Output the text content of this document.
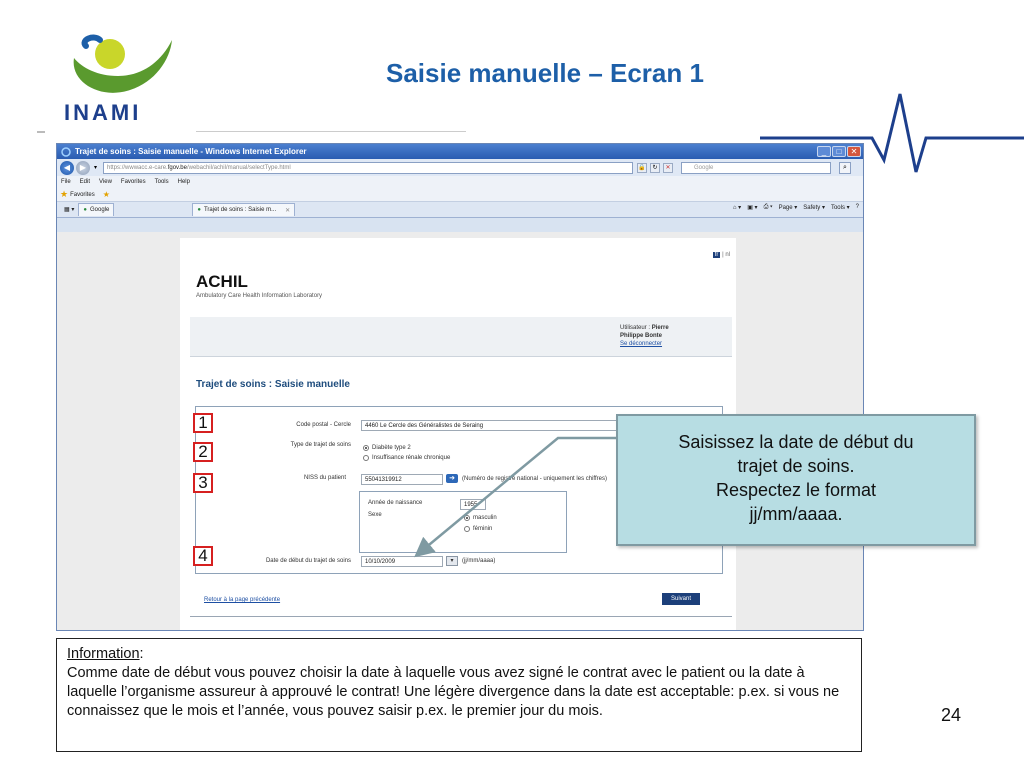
INAMI
Saisie manuelle – Ecran 1
Trajet de soins : Saisie manuelle - Windows Internet Explorer	_	□	✕
◀	▶	▾	https://wwwacc.e-care.fgov.be/webachil/achil/manual/selectType.html	🔒	↻	✕	Google	⌕
File Edit View Favorites Tools Help
★ Favorites ★
▦ ▾	● Google	● Trajet de soins : Saisie m... ✕	⌂ ▾ ▣ ▾ ⎙ ▾ Page ▾ Safety ▾ Tools ▾ ?
fr | nl
ACHIL
Ambulatory Care Health Information Laboratory
Utilisateur : Pierre
Philippe Bonte
Se déconnecter
Trajet de soins : Saisie manuelle
Code postal - Cercle	4460 Le Cercle des Généralistes de Seraing
Type de trajet de soins	Diabète type 2
Insuffisance rénale chronique
NISS du patient	55041319912	➜	(Numéro de registre national - uniquement les chiffres)
Année de naissance	1955
Sexe	masculin
féminin
Date de début du trajet de soins	10/10/2009	▾	(jj/mm/aaaa)
Retour à la page précédente	Suivant
1
2
3
4
Saisissez la date de début du
trajet de soins.
Respectez le format
jj/mm/aaaa.
Information:
Comme date de début vous pouvez choisir la date à laquelle vous avez signé le contrat avec le patient ou la date à laquelle l’organisme assureur à approuvé le contrat! Une légère divergence dans la date est acceptable: p.ex. si vous ne connaissez que le mois et l’année, vous pouvez saisir p.ex. le premier jour du mois.	24
